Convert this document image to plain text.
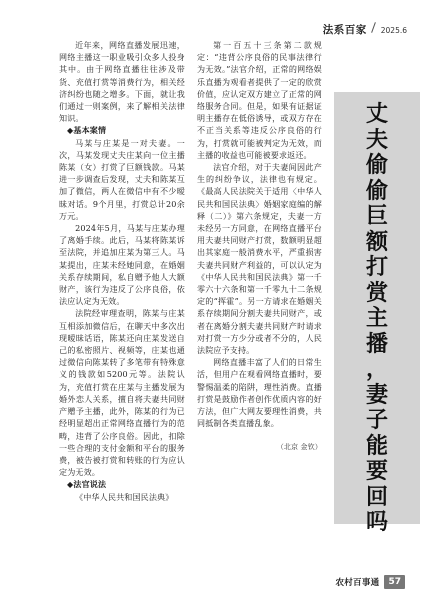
法系百家 2025.6

近年来，网络直播发展迅速，网络主播这一职业吸引众多人投身其中。由于网络直播往往涉及带货、充值打赏等消费行为，相关经济纠纷也随之增多。下面，就让我们通过一则案例，来了解相关法律知识。

◆基本案情

马某与庄某是一对夫妻。一次，马某发现丈夫庄某向一位主播陈某（女）打赏了巨额钱款。马某进一步调查后发现，丈夫和陈某互加了微信，两人在微信中有不少暧昧对话。9个月里，打赏总计20余万元。

2024年5月，马某与庄某办理了离婚手续。此后，马某将陈某诉至法院，并追加庄某为第三人。马某提出，庄某未经她同意，在婚姻关系存续期间，私自赠予他人大额财产，该行为违反了公序良俗，依法应认定为无效。

法院经审理查明，陈某与庄某互相添加微信后，在聊天中多次出现暧昧话语，陈某还向庄某发送自己的私密照片、视频等，庄某也通过微信向陈某转了多笔带有特殊意义的钱款如5200元等。法院认为，充值打赏在庄某与主播发展为婚外恋人关系，擅自将夫妻共同财产赠予主播，此外，陈某的行为已经明显超出正常网络直播行为的范畴，违背了公序良俗。因此，扣除一些合理的支付金额和平台的服务费，被告被打赏和转账的行为应认定为无效。

◆法官说法

《中华人民共和国民法典》

第一百五十三条第二款规定：“违背公序良俗的民事法律行为无效。”法官介绍，正常的网络娱乐直播为观看者提供了一定的欣赏价值，应认定双方建立了正常的网络服务合同。但是，如果有证据证明主播存在低俗诱导，或双方存在不正当关系等违反公序良俗的行为，打赏就可能被判定为无效，而主播的收益也可能被要求返还。

法官介绍，对于夫妻间因此产生的纠纷争议，法律也有规定。《最高人民法院关于适用〈中华人民共和国民法典〉婚姻家庭编的解释（二）》第六条规定，夫妻一方未经另一方同意，在网络直播平台用夫妻共同财产打赏，数额明显超出其家庭一般消费水平，严重损害夫妻共同财产利益的，可以认定为《中华人民共和国民法典》第一千零六十六条和第一千零九十二条规定的“挥霍”。另一方请求在婚姻关系存续期间分割夫妻共同财产，或者在离婚分割夫妻共同财产时请求对打赏一方少分或者不分的，人民法院应予支持。

网络直播丰富了人们的日常生活，但用户在观看网络直播时，要警惕温柔的陷阱，理性消费。直播打赏是鼓励作者创作优质内容的好方法，但广大网友要理性消费，共同抵制各类直播乱象。

（北京 金钦）

丈
夫
偷
偷
巨
额
打
赏
主
播
，
妻
子
能
要
回
吗
农村百事通	57
